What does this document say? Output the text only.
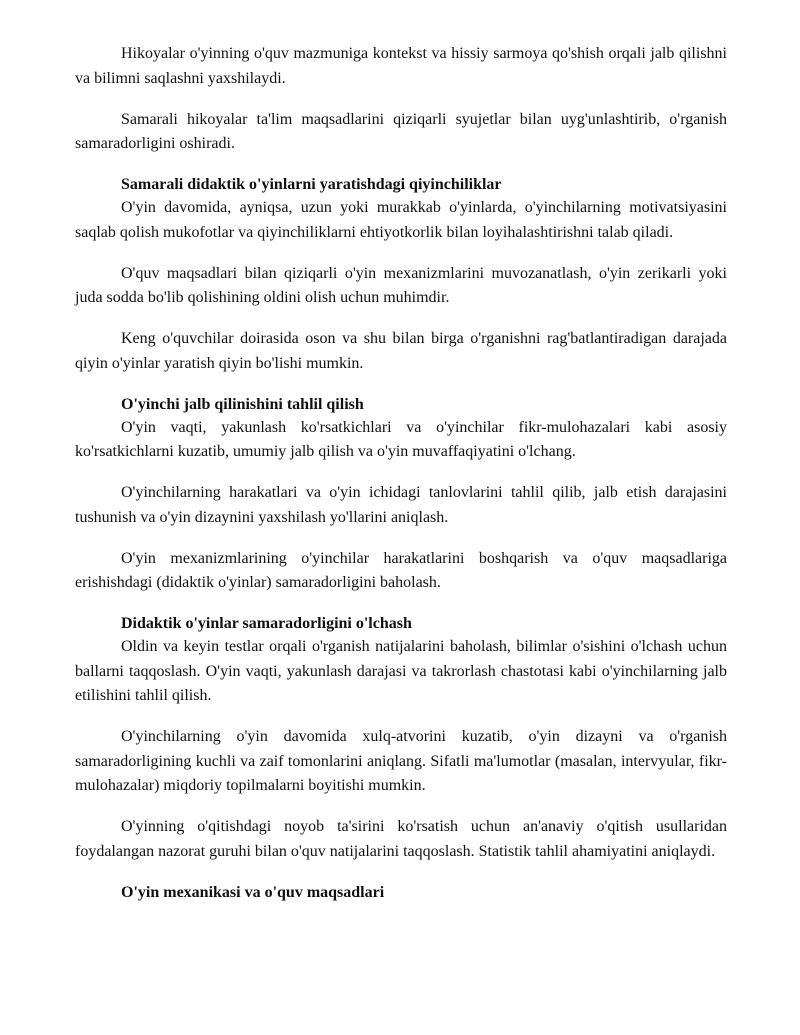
Hikoyalar o'yinning o'quv mazmuniga kontekst va hissiy sarmoya qo'shish orqali jalb qilishni va bilimni saqlashni yaxshilaydi.

Samarali hikoyalar ta'lim maqsadlarini qiziqarli syujetlar bilan uyg'unlashtirib, o'rganish samaradorligini oshiradi.

Samarali didaktik o'yinlarni yaratishdagi qiyinchiliklar

O'yin davomida, ayniqsa, uzun yoki murakkab o'yinlarda, o'yinchilarning motivatsiyasini saqlab qolish mukofotlar va qiyinchiliklarni ehtiyotkorlik bilan loyihalashtirishni talab qiladi.

O'quv maqsadlari bilan qiziqarli o'yin mexanizmlarini muvozanatlash, o'yin zerikarli yoki juda sodda bo'lib qolishining oldini olish uchun muhimdir.

Keng o'quvchilar doirasida oson va shu bilan birga o'rganishni rag'batlantiradigan darajada qiyin o'yinlar yaratish qiyin bo'lishi mumkin.

O'yinchi jalb qilinishini tahlil qilish

O'yin vaqti, yakunlash ko'rsatkichlari va o'yinchilar fikr-mulohazalari kabi asosiy ko'rsatkichlarni kuzatib, umumiy jalb qilish va o'yin muvaffaqiyatini o'lchang.

O'yinchilarning harakatlari va o'yin ichidagi tanlovlarini tahlil qilib, jalb etish darajasini tushunish va o'yin dizaynini yaxshilash yo'llarini aniqlash.

O'yin mexanizmlarining o'yinchilar harakatlarini boshqarish va o'quv maqsadlariga erishishdagi (didaktik o'yinlar) samaradorligini baholash.

Didaktik o'yinlar samaradorligini o'lchash

Oldin va keyin testlar orqali o'rganish natijalarini baholash, bilimlar o'sishini o'lchash uchun ballarni taqqoslash. O'yin vaqti, yakunlash darajasi va takrorlash chastotasi kabi o'yinchilarning jalb etilishini tahlil qilish.

O'yinchilarning o'yin davomida xulq-atvorini kuzatib, o'yin dizayni va o'rganish samaradorligining kuchli va zaif tomonlarini aniqlang. Sifatli ma'lumotlar (masalan, intervyular, fikr-mulohazalar) miqdoriy topilmalarni boyitishi mumkin.

O'yinning o'qitishdagi noyob ta'sirini ko'rsatish uchun an'anaviy o'qitish usullaridan foydalangan nazorat guruhi bilan o'quv natijalarini taqqoslash. Statistik tahlil ahamiyatini aniqlaydi.

O'yin mexanikasi va o'quv maqsadlari
